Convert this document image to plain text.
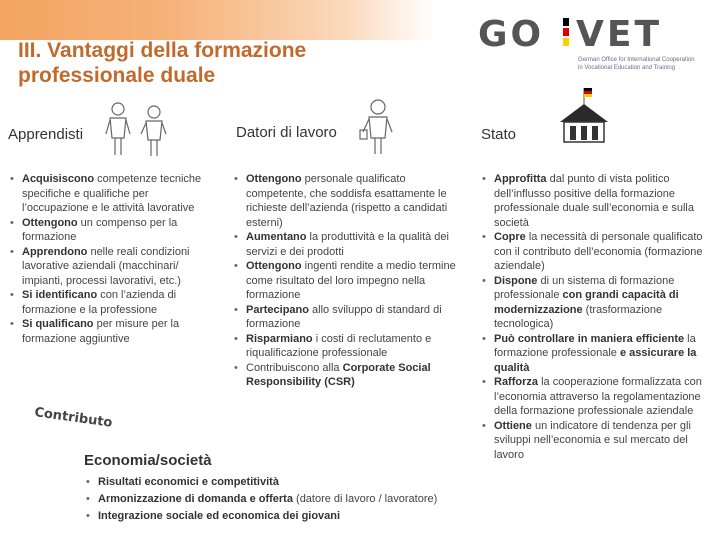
III. Vantaggi della formazione
professionale duale
GO VET
German Office for International Cooperation
in Vocational Education and Training
Apprendisti	Datori di lavoro	Stato
• Acquisiscono competenze tecniche specifiche e qualifiche per l’occupazione e le attività lavorative
• Ottengono un compenso per la formazione
• Apprendono nelle reali condizioni lavorative aziendali (macchinari/ impianti, processi lavorativi, etc.)
• Si identificano con l’azienda di formazione e la professione
• Si qualificano per misure per la formazione aggiuntive
• Ottengono personale qualificato competente, che soddisfa esattamente le richieste dell’azienda (rispetto a candidati esterni)
• Aumentano la produttività e la qualità dei servizi e dei prodotti
• Ottengono ingenti rendite a medio termine come risultato del loro impegno nella formazione
• Partecipano allo sviluppo di standard di formazione
• Risparmiano i costi di reclutamento e riqualificazione professionale
• Contribuiscono alla Corporate Social Responsibility (CSR)
• Approfitta dal punto di vista politico dell’influsso positive della formazione professionale duale sull’economia e sulla società
• Copre la necessità di personale qualificato con il contributo dell’economia (formazione aziendale)
• Dispone di un sistema di formazione professionale con grandi capacità di modernizzazione (trasformazione tecnologica)
• Può controllare in maniera efficiente la formazione professionale e assicurare la qualità
• Rafforza la cooperazione formalizzata con l’economia attraverso la regolamentazione della formazione professionale aziendale
• Ottiene un indicatore di tendenza per gli sviluppi nell’economia e sul mercato del lavoro
Contributo
Economia/società
• Risultati economici e competitività
• Armonizzazione di domanda e offerta (datore di lavoro / lavoratore)
• Integrazione sociale ed economica dei giovani
